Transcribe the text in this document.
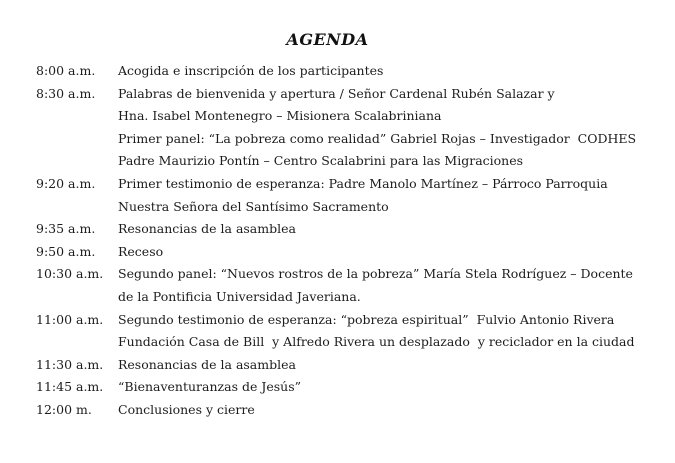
AGENDA
8:00 a.m.	Acogida e inscripción de los participantes
8:30 a.m.	Palabras de bienvenida y apertura / Señor Cardenal Rubén Salazar y
Hna. Isabel Montenegro – Misionera Scalabriniana
Primer panel: “La pobreza como realidad” Gabriel Rojas – Investigador  CODHES
Padre Maurizio Pontín – Centro Scalabrini para las Migraciones
9:20 a.m.	Primer testimonio de esperanza: Padre Manolo Martínez – Párroco Parroquia
Nuestra Señora del Santísimo Sacramento
9:35 a.m.	Resonancias de la asamblea
9:50 a.m.	Receso
10:30 a.m.	Segundo panel: “Nuevos rostros de la pobreza” María Stela Rodríguez – Docente
de la Pontificia Universidad Javeriana.
11:00 a.m.	Segundo testimonio de esperanza: “pobreza espiritual”  Fulvio Antonio Rivera
Fundación Casa de Bill  y Alfredo Rivera un desplazado  y reciclador en la ciudad
11:30 a.m.	Resonancias de la asamblea
11:45 a.m.	“Bienaventuranzas de Jesús”
12:00 m.	Conclusiones y cierre
